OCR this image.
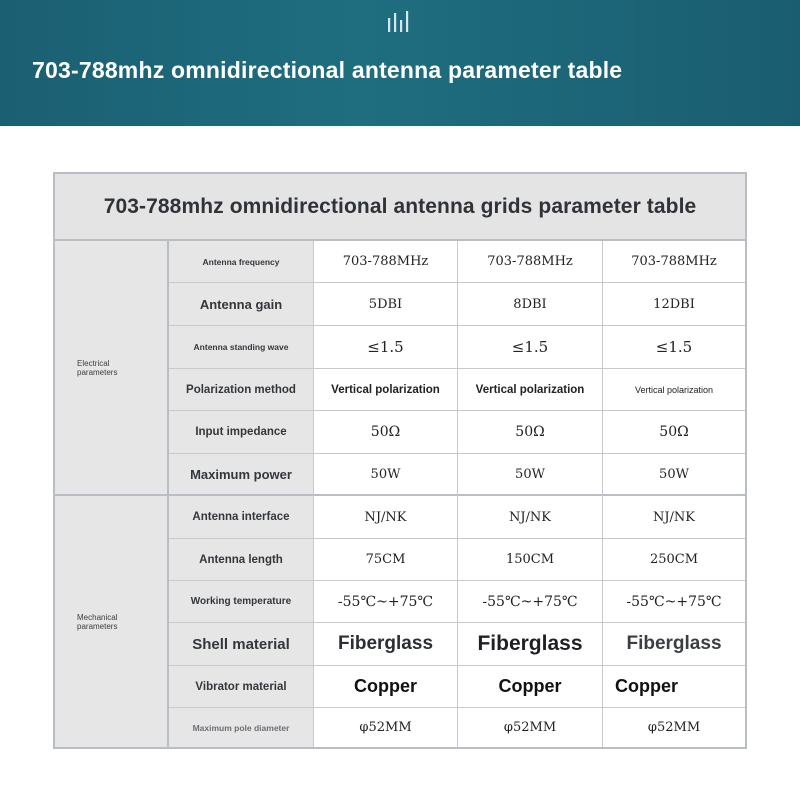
703-788mhz omnidirectional antenna parameter table
703-788mhz omnidirectional antenna grids parameter table
Electrical parameters
Mechanical parameters
Antenna frequency	703-788MHz	703-788MHz	703-788MHz
Antenna gain	5DBI	8DBI	12DBI
Antenna standing wave	≤1.5	≤1.5	≤1.5
Polarization method	Vertical polarization	Vertical polarization	Vertical polarization
Input impedance	50Ω	50Ω	50Ω
Maximum power	50W	50W	50W
Antenna interface	NJ/NK	NJ/NK	NJ/NK
Antenna length	75CM	150CM	250CM
Working temperature	-55℃~+75℃	-55℃~+75℃	-55℃~+75℃
Shell material	Fiberglass	Fiberglass	Fiberglass
Vibrator material	Copper	Copper	Copper
Maximum pole diameter	φ52MM	φ52MM	φ52MM
